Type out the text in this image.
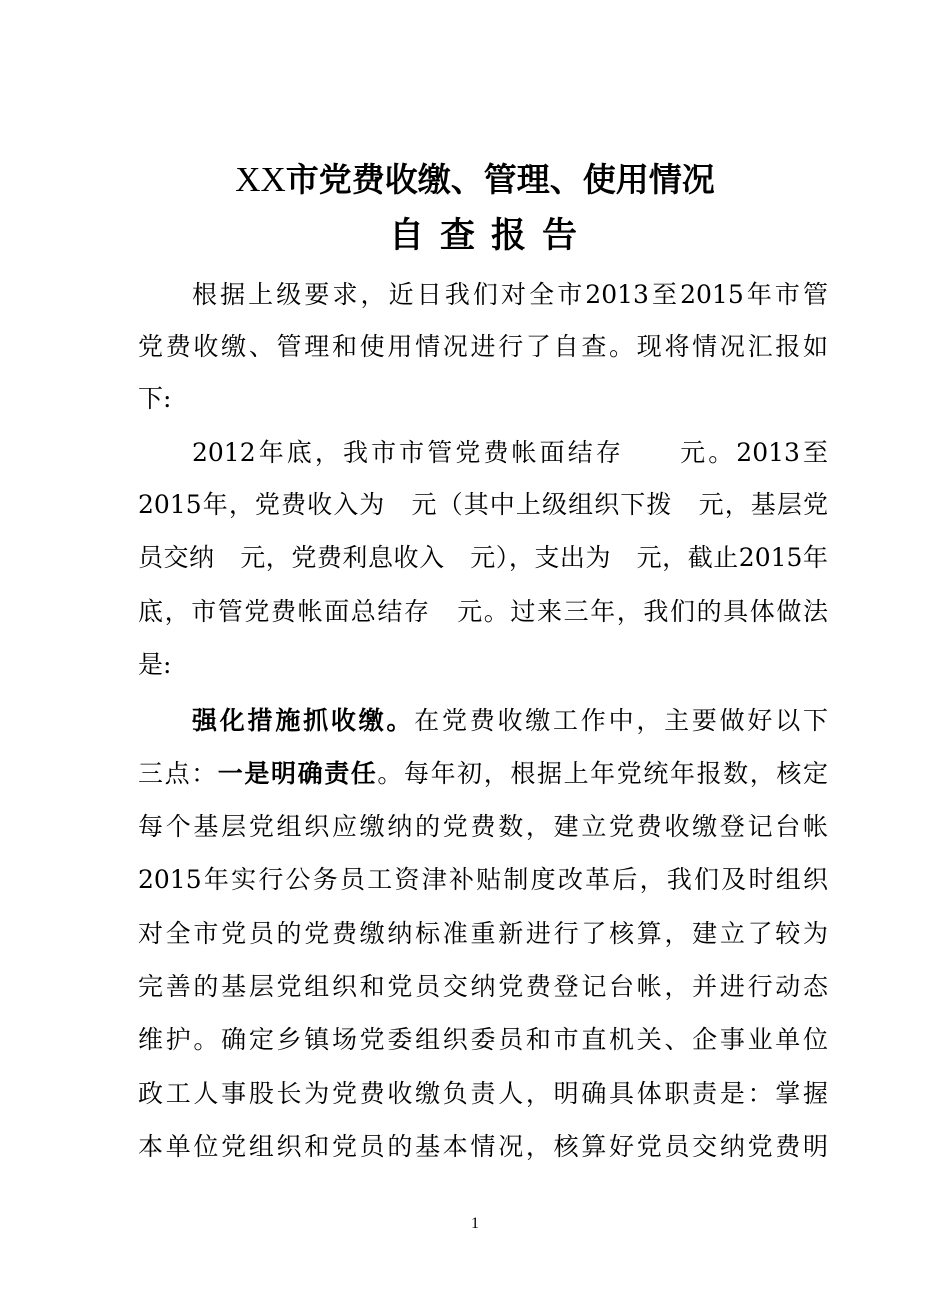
XX市党费收缴、管理、使用情况
自查报告
根据上级要求，近日我们对全市2013至2015年市管
党费收缴、管理和使用情况进行了自查。现将情况汇报如
下:
2012年底，我市市管党费帐面结存　　元。2013至
2015年，党费收入为　元（其中上级组织下拨　元，基层党
员交纳　元，党费利息收入　元），支出为　元，截止2015年
底，市管党费帐面总结存　元。过来三年，我们的具体做法
是:
强化措施抓收缴。在党费收缴工作中，主要做好以下
三点：一是明确责任。每年初，根据上年党统年报数，核定
每个基层党组织应缴纳的党费数，建立党费收缴登记台帐
2015年实行公务员工资津补贴制度改革后，我们及时组织
对全市党员的党费缴纳标准重新进行了核算，建立了较为
完善的基层党组织和党员交纳党费登记台帐，并进行动态
维护。确定乡镇场党委组织委员和市直机关、企事业单位
政工人事股长为党费收缴负责人，明确具体职责是：掌握
本单位党组织和党员的基本情况，核算好党员交纳党费明
1
